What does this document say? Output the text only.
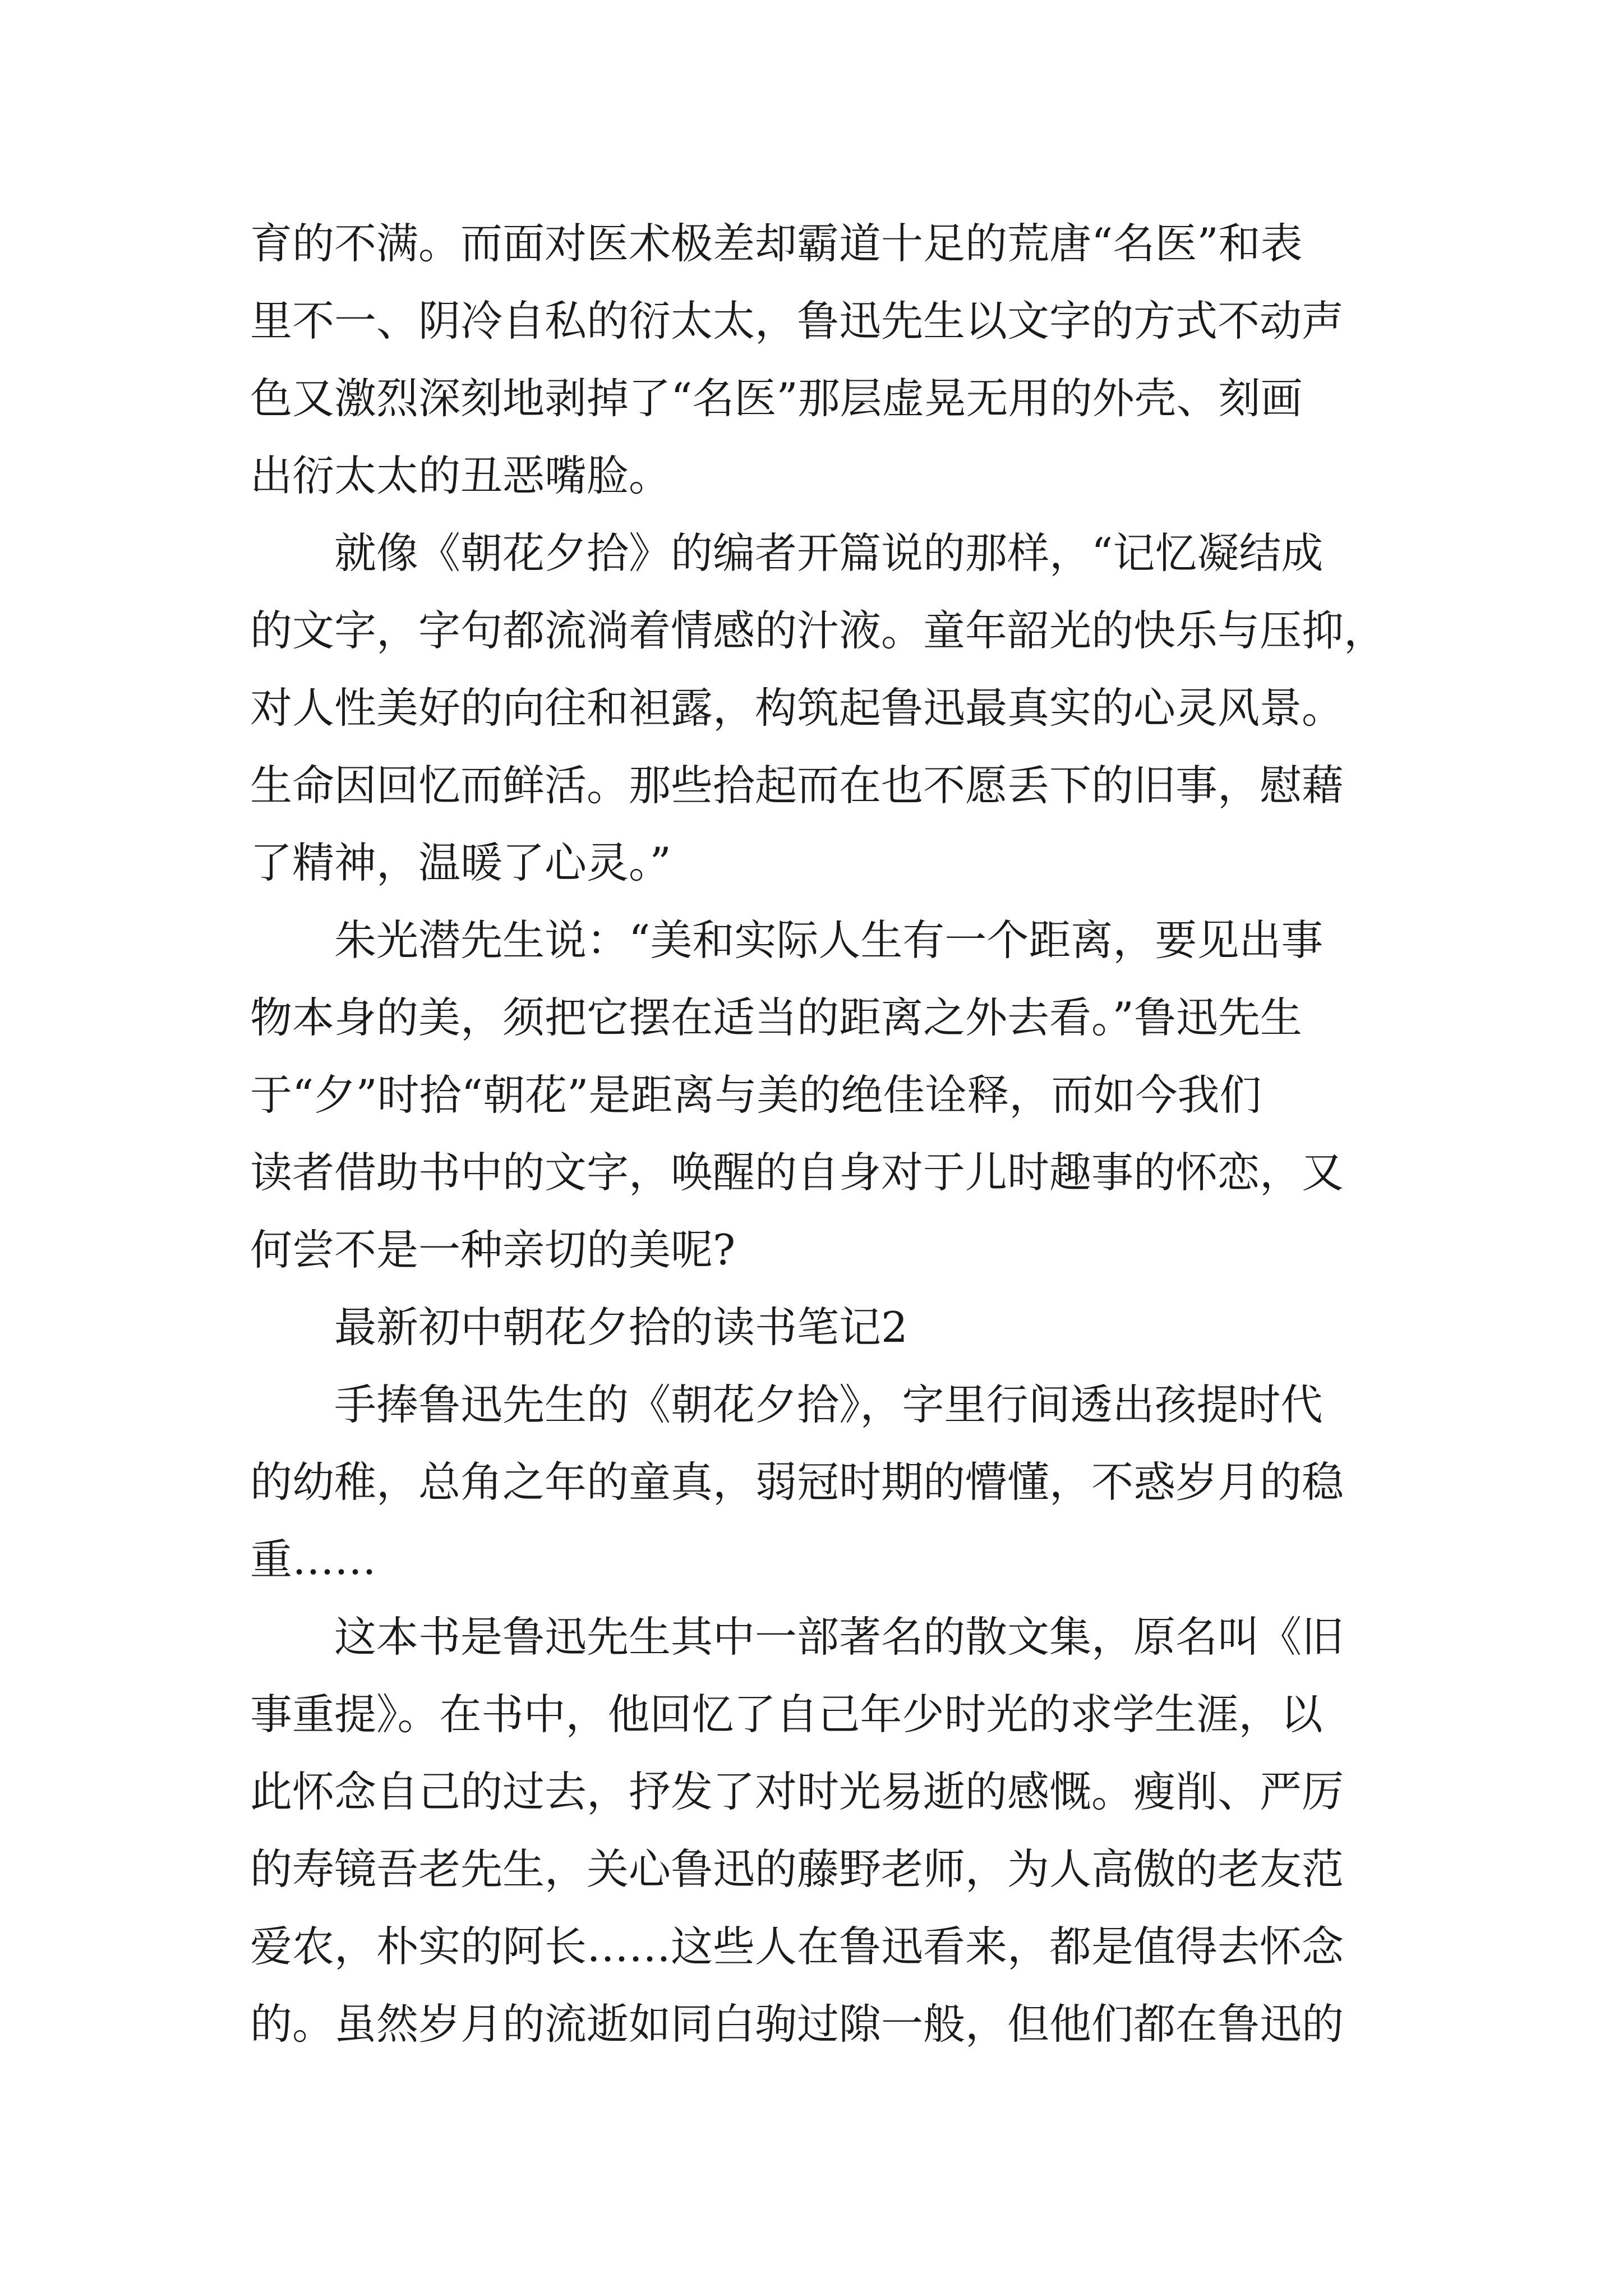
育的不满。而面对医术极差却霸道十足的荒唐“名医”和表
里不一、阴冷自私的衍太太，鲁迅先生以文字的方式不动声
色又激烈深刻地剥掉了“名医”那层虚晃无用的外壳、刻画
出衍太太的丑恶嘴脸。
　　就像《朝花夕拾》的编者开篇说的那样，“记忆凝结成
的文字，字句都流淌着情感的汁液。童年韶光的快乐与压抑，
对人性美好的向往和袒露，构筑起鲁迅最真实的心灵风景。
生命因回忆而鲜活。那些拾起而在也不愿丢下的旧事，慰藉
了精神，温暖了心灵。”
　　朱光潜先生说：“美和实际人生有一个距离，要见出事
物本身的美，须把它摆在适当的距离之外去看。”鲁迅先生
于“夕”时拾“朝花”是距离与美的绝佳诠释，而如今我们
读者借助书中的文字，唤醒的自身对于儿时趣事的怀恋，又
何尝不是一种亲切的美呢?
　　最新初中朝花夕拾的读书笔记2
　　手捧鲁迅先生的《朝花夕拾》，字里行间透出孩提时代
的幼稚，总角之年的童真，弱冠时期的懵懂，不惑岁月的稳
重……
　　这本书是鲁迅先生其中一部著名的散文集，原名叫《旧
事重提》。在书中，他回忆了自己年少时光的求学生涯，以
此怀念自己的过去，抒发了对时光易逝的感慨。瘦削、严厉
的寿镜吾老先生，关心鲁迅的藤野老师，为人高傲的老友范
爱农，朴实的阿长……这些人在鲁迅看来，都是值得去怀念
的。虽然岁月的流逝如同白驹过隙一般，但他们都在鲁迅的
